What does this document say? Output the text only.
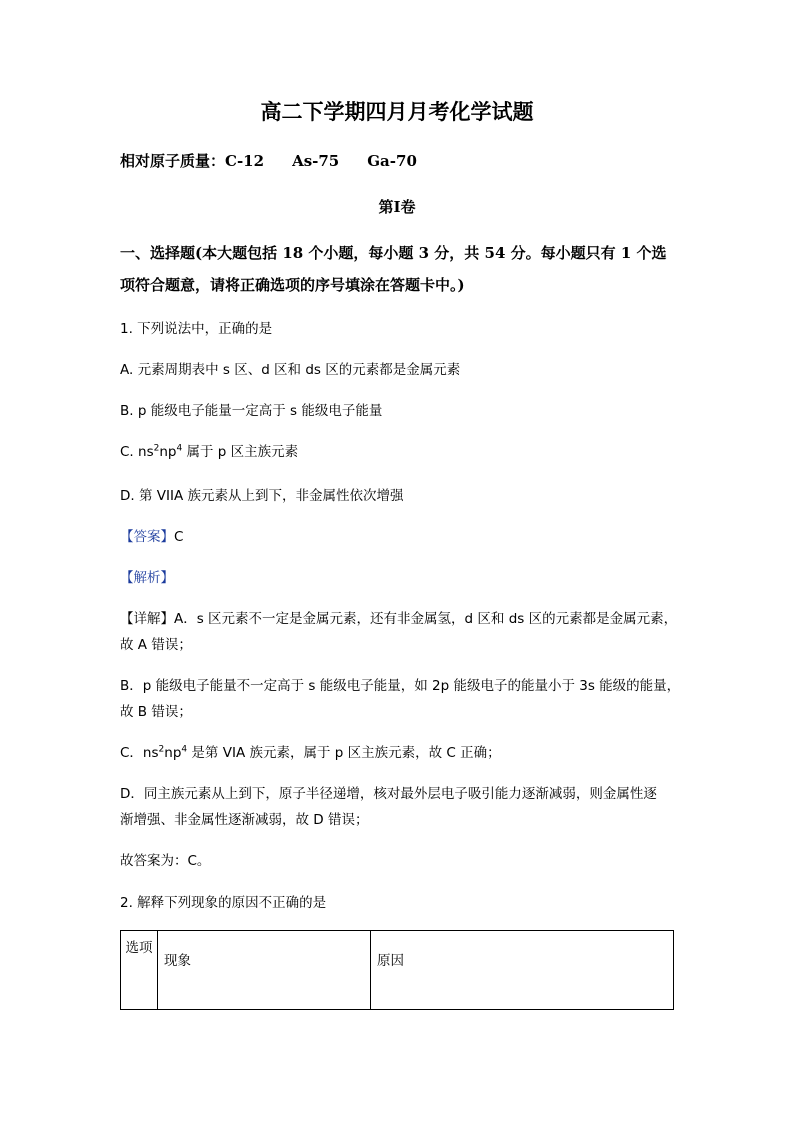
高二下学期四月月考化学试题
相对原子质量：C-12 As-75 Ga-70
第I卷
一、选择题(本大题包括 18 个小题，每小题 3 分，共 54 分。每小题只有 1 个选
项符合题意，请将正确选项的序号填涂在答题卡中。)
1. 下列说法中，正确的是
A. 元素周期表中 s 区、d 区和 ds 区的元素都是金属元素
B. p 能级电子能量一定高于 s 能级电子能量
C. $ns^2np^4$ 属于 p 区主族元素
D. 第 VIIA 族元素从上到下，非金属性依次增强
【答案】C
【解析】
【详解】A．s 区元素不一定是金属元素，还有非金属氢，d 区和 ds 区的元素都是金属元素，
故 A 错误；
B．p 能级电子能量不一定高于 s 能级电子能量，如 2p 能级电子的能量小于 3s 能级的能量，
故 B 错误；
C．$ns^2np^4$ 是第 VIA 族元素，属于 p 区主族元素，故 C 正确；
D．同主族元素从上到下，原子半径递增，核对最外层电子吸引能力逐渐减弱，则金属性逐
渐增强、非金属性逐渐减弱，故 D 错误；
故答案为：C。
2. 解释下列现象的原因不正确的是
选项	现象	原因
